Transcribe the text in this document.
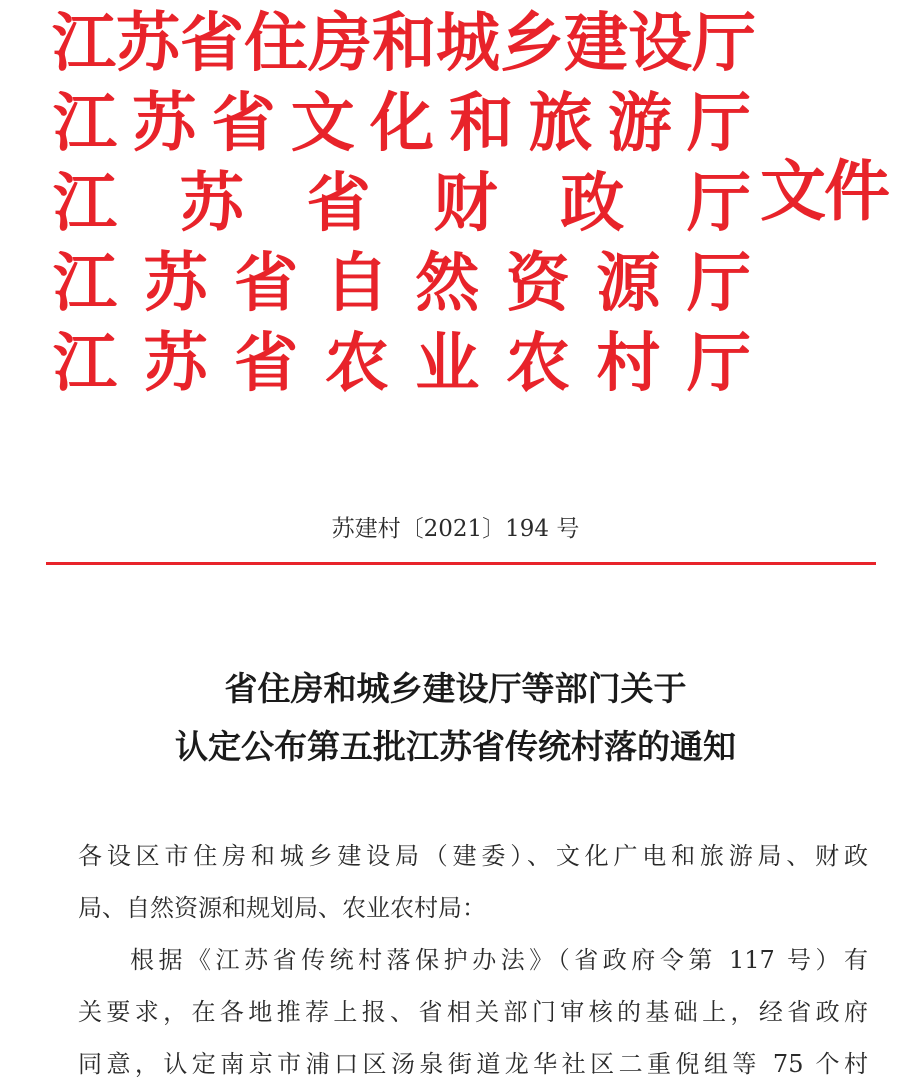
江 苏 省 住 房 和 城 乡 建 设 厅
江 苏 省 文 化 和 旅 游 厅
江 苏 省 财 政 厅
江 苏 省 自 然 资 源 厅
江 苏 省 农 业 农 村 厅
文件
苏建村〔2021〕194 号
省住房和城乡建设厅等部门关于
认定公布第五批江苏省传统村落的通知
各设区市住房和城乡建设局（建委）、文化广电和旅游局、财政
局、自然资源和规划局、农业农村局：
根据《江苏省传统村落保护办法》（省政府令第 117 号）有
关要求，在各地推荐上报、省相关部门审核的基础上，经省政府
同意，认定南京市浦口区汤泉街道龙华社区二重倪组等 75 个村
